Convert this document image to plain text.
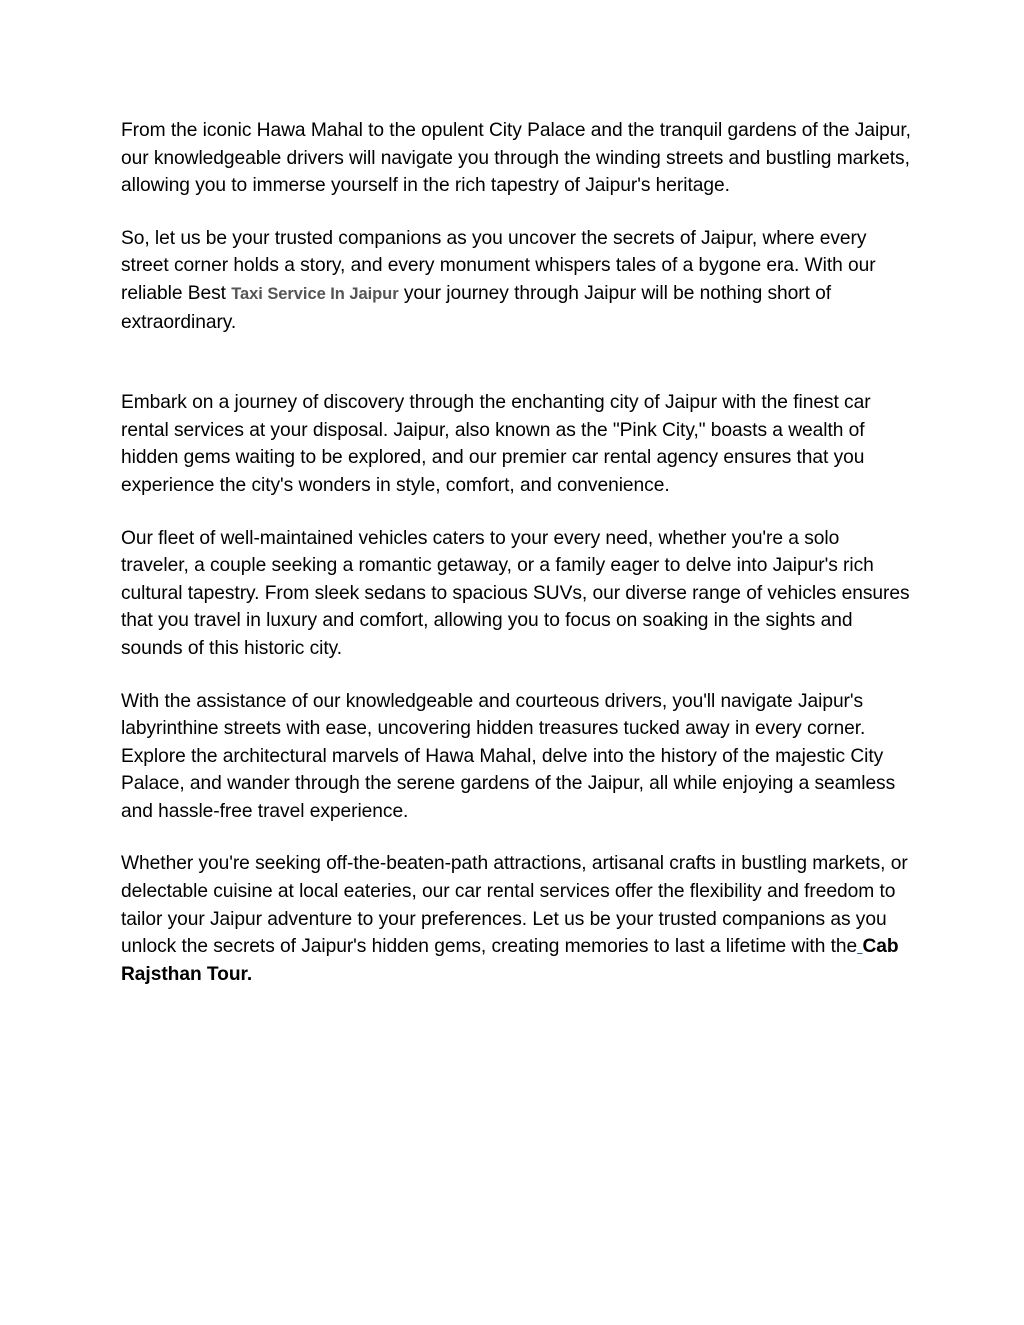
From the iconic Hawa Mahal to the opulent City Palace and the tranquil gardens of the Jaipur, our knowledgeable drivers will navigate you through the winding streets and bustling markets, allowing you to immerse yourself in the rich tapestry of Jaipur's heritage.

So, let us be your trusted companions as you uncover the secrets of Jaipur, where every street corner holds a story, and every monument whispers tales of a bygone era. With our reliable Best Taxi Service In Jaipur your journey through Jaipur will be nothing short of extraordinary.

Embark on a journey of discovery through the enchanting city of Jaipur with the finest car rental services at your disposal. Jaipur, also known as the "Pink City," boasts a wealth of hidden gems waiting to be explored, and our premier car rental agency ensures that you experience the city's wonders in style, comfort, and convenience.

Our fleet of well-maintained vehicles caters to your every need, whether you're a solo traveler, a couple seeking a romantic getaway, or a family eager to delve into Jaipur's rich cultural tapestry. From sleek sedans to spacious SUVs, our diverse range of vehicles ensures that you travel in luxury and comfort, allowing you to focus on soaking in the sights and sounds of this historic city.

With the assistance of our knowledgeable and courteous drivers, you'll navigate Jaipur's labyrinthine streets with ease, uncovering hidden treasures tucked away in every corner. Explore the architectural marvels of Hawa Mahal, delve into the history of the majestic City Palace, and wander through the serene gardens of the Jaipur, all while enjoying a seamless and hassle-free travel experience.

Whether you're seeking off-the-beaten-path attractions, artisanal crafts in bustling markets, or delectable cuisine at local eateries, our car rental services offer the flexibility and freedom to tailor your Jaipur adventure to your preferences. Let us be your trusted companions as you unlock the secrets of Jaipur's hidden gems, creating memories to last a lifetime with the Cab Rajsthan Tour.
